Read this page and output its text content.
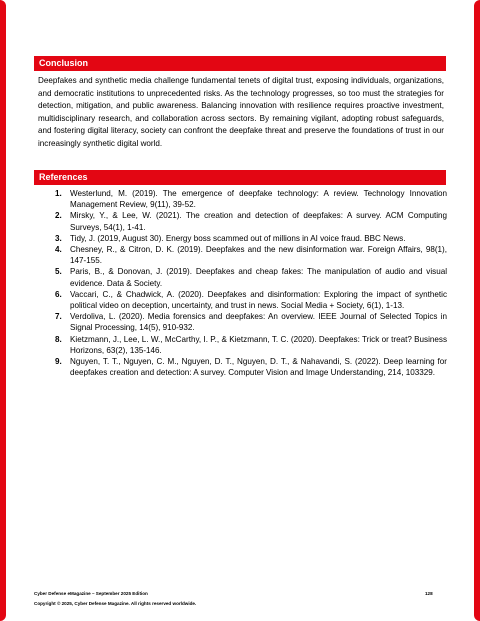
Conclusion
Deepfakes and synthetic media challenge fundamental tenets of digital trust, exposing individuals, organizations, and democratic institutions to unprecedented risks. As the technology progresses, so too must the strategies for detection, mitigation, and public awareness. Balancing innovation with resilience requires proactive investment, multidisciplinary research, and collaboration across sectors. By remaining vigilant, adopting robust safeguards, and fostering digital literacy, society can confront the deepfake threat and preserve the foundations of trust in our increasingly synthetic digital world.
References
1. Westerlund, M. (2019). The emergence of deepfake technology: A review. Technology Innovation Management Review, 9(11), 39-52.
2. Mirsky, Y., & Lee, W. (2021). The creation and detection of deepfakes: A survey. ACM Computing Surveys, 54(1), 1-41.
3. Tidy, J. (2019, August 30). Energy boss scammed out of millions in AI voice fraud. BBC News.
4. Chesney, R., & Citron, D. K. (2019). Deepfakes and the new disinformation war. Foreign Affairs, 98(1), 147-155.
5. Paris, B., & Donovan, J. (2019). Deepfakes and cheap fakes: The manipulation of audio and visual evidence. Data & Society.
6. Vaccari, C., & Chadwick, A. (2020). Deepfakes and disinformation: Exploring the impact of synthetic political video on deception, uncertainty, and trust in news. Social Media + Society, 6(1), 1-13.
7. Verdoliva, L. (2020). Media forensics and deepfakes: An overview. IEEE Journal of Selected Topics in Signal Processing, 14(5), 910-932.
8. Kietzmann, J., Lee, L. W., McCarthy, I. P., & Kietzmann, T. C. (2020). Deepfakes: Trick or treat? Business Horizons, 63(2), 135-146.
9. Nguyen, T. T., Nguyen, C. M., Nguyen, D. T., Nguyen, D. T., & Nahavandi, S. (2022). Deep learning for deepfakes creation and detection: A survey. Computer Vision and Image Understanding, 214, 103329.
Cyber Defense eMagazine – September 2025 Edition	128
Copyright © 2025, Cyber Defense Magazine. All rights reserved worldwide.
